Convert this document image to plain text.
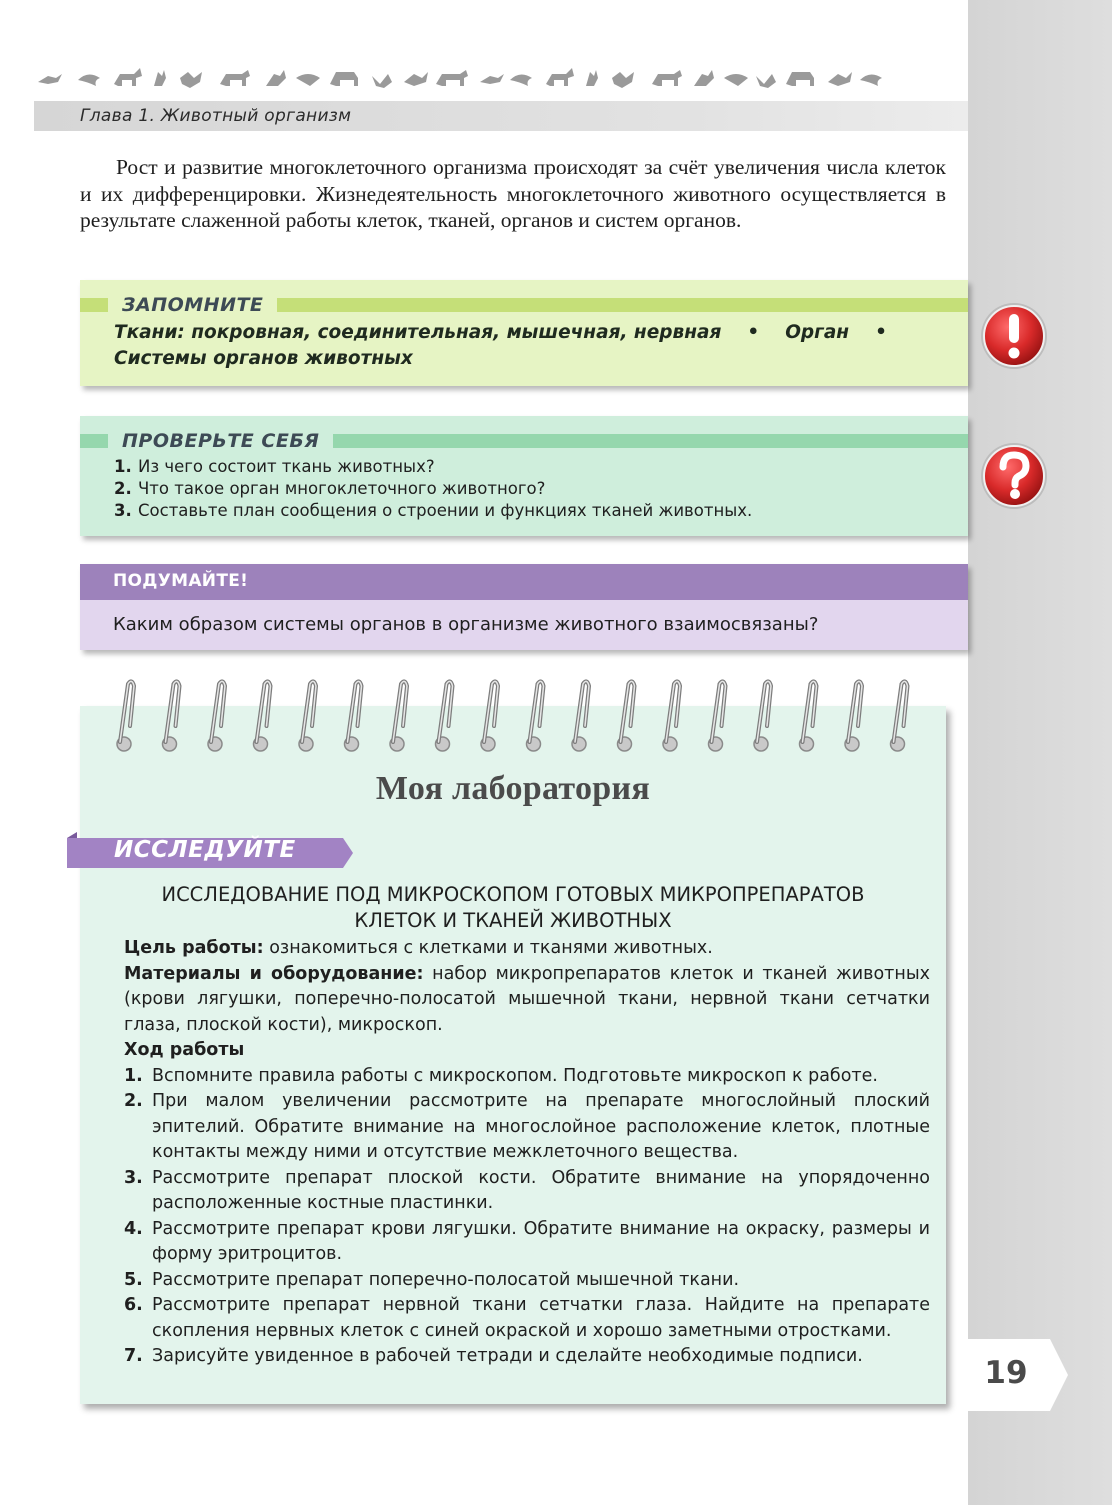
Глава 1. Животный организм
Рост и развитие многоклеточного организма происходят за счёт увеличения числа клеток и их дифференцировки. Жизнедеятельность многоклеточного животного осуществляется в результате слаженной работы клеток, тканей, органов и систем органов.
ЗАПОМНИТЕ
Ткани: покровная, соединительная, мышечная, нервная • Орган •
Системы органов животных
ПРОВЕРЬТЕ СЕБЯ
1. Из чего состоит ткань животных?
2. Что такое орган многоклеточного животного?
3. Составьте план сообщения о строении и функциях тканей животных.
ПОДУМАЙТЕ!
Каким образом системы органов в организме животного взаимосвязаны?
Моя лаборатория
ИССЛЕДОВАНИЕ ПОД МИКРОСКОПОМ ГОТОВЫХ МИКРОПРЕПАРАТОВ
КЛЕТОК И ТКАНЕЙ ЖИВОТНЫХ

Цель работы: ознакомиться с клетками и тканями животных.

Материалы и оборудование: набор микропрепаратов клеток и тканей животных (крови лягушки, поперечно-полосатой мышечной ткани, нервной ткани сетчатки глаза, плоской кости), микроскоп.

Ход работы

1. Вспомните правила работы с микроскопом. Подготовьте микроскоп к работе.
2. При малом увеличении рассмотрите на препарате многослойный плоский эпителий. Обратите внимание на многослойное расположение клеток, плотные контакты между ними и отсутствие межклеточного вещества.
3. Рассмотрите препарат плоской кости. Обратите внимание на упорядоченно расположенные костные пластинки.
4. Рассмотрите препарат крови лягушки. Обратите внимание на окраску, размеры и форму эритроцитов.
5. Рассмотрите препарат поперечно-полосатой мышечной ткани.
6. Рассмотрите препарат нервной ткани сетчатки глаза. Найдите на препарате скопления нервных клеток с синей окраской и хорошо заметными отростками.
7. Зарисуйте увиденное в рабочей тетради и сделайте необходимые подписи.
ИССЛЕДУЙТЕ
19
